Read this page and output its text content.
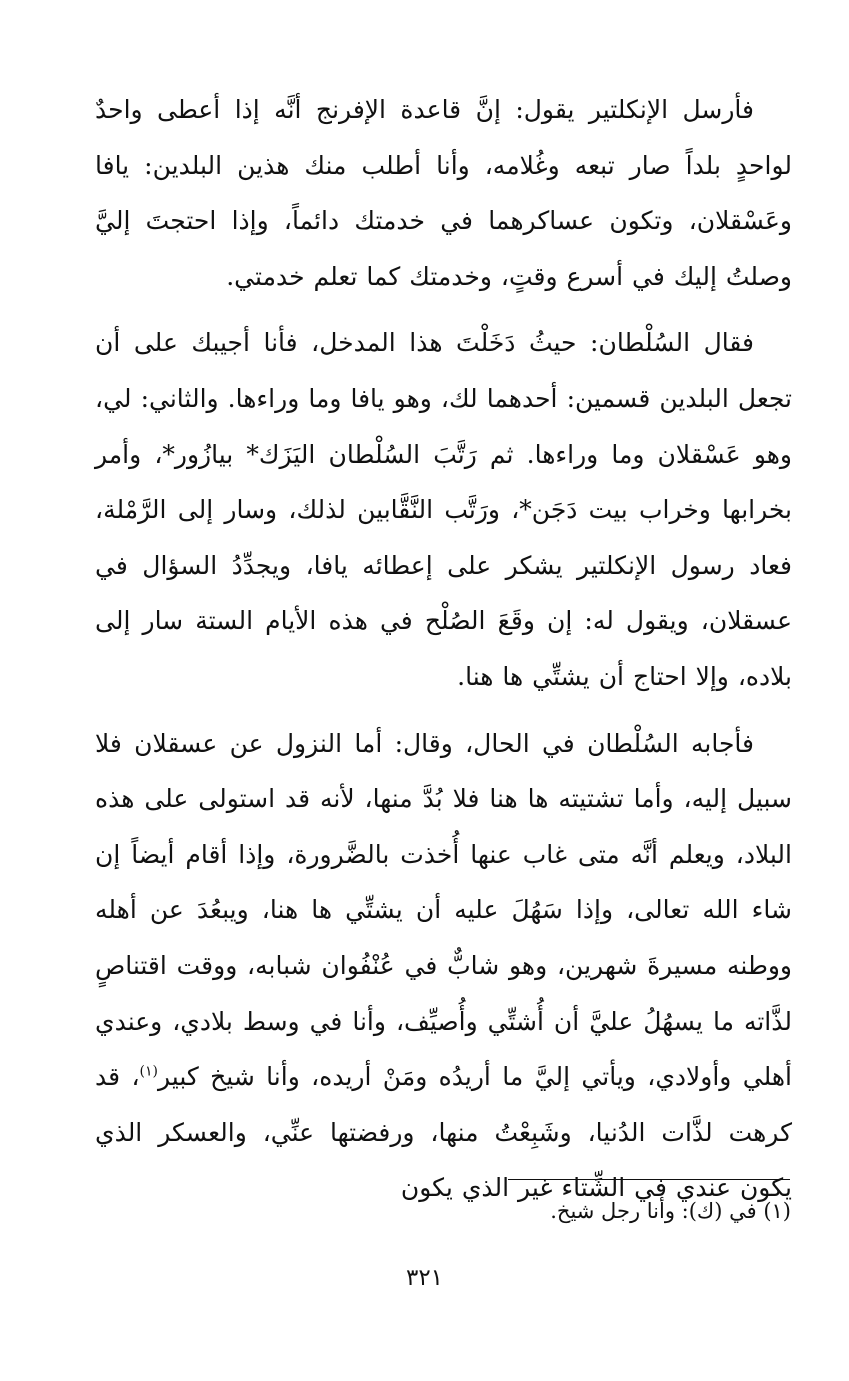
فأرسل الإنكلتير يقول: إنَّ قاعدة الإفرنج أنَّه إذا أعطى واحدٌ لواحدٍ بلداً صار تبعه وغُلامه، وأنا أطلب منك هذين البلدين: يافا وعَسْقلان، وتكون عساكرهما في خدمتك دائماً، وإذا احتجتَ إليَّ وصلتُ إليك في أسرع وقتٍ، وخدمتك كما تعلم خدمتي.

فقال السُلْطان: حيثُ دَخَلْتَ هذا المدخل، فأنا أجيبك على أن تجعل البلدين قسمين: أحدهما لك، وهو يافا وما وراءها. والثاني: لي، وهو عَسْقلان وما وراءها. ثم رَتَّبَ السُلْطان اليَزَك* بيازُور*، وأمر بخرابها وخراب بيت دَجَن*، ورَتَّب النَّقَّابين لذلك، وسار إلى الرَّمْلة، فعاد رسول الإنكلتير يشكر على إعطائه يافا، ويجدِّدُ السؤال في عسقلان، ويقول له: إن وقَعَ الصُلْح في هذه الأيام الستة سار إلى بلاده، وإلا احتاج أن يشتِّي ها هنا.

فأجابه السُلْطان في الحال، وقال: أما النزول عن عسقلان فلا سبيل إليه، وأما تشتيته ها هنا فلا بُدَّ منها، لأنه قد استولى على هذه البلاد، ويعلم أنَّه متى غاب عنها أُخذت بالضَّرورة، وإذا أقام أيضاً إن شاء الله تعالى، وإذا سَهُلَ عليه أن يشتِّي ها هنا، ويبعُدَ عن أهله ووطنه مسيرةَ شهرين، وهو شابٌّ في عُنْفُوان شبابه، ووقت اقتناصٍ لذَّاته ما يسهُلُ عليَّ أن أُشتِّي وأُصيِّف، وأنا في وسط بلادي، وعندي أهلي وأولادي، ويأتي إليَّ ما أريدُه ومَنْ أريده، وأنا شيخ كبير$^{(١)}$، قد كرهت لذَّات الدُنيا، وشَبِعْتُ منها، ورفضتها عنِّي، والعسكر الذي يكون عندي في الشِّتاء غير الذي يكون

(١) في (ك): وأنا رجل شيخ.
٣٢١
